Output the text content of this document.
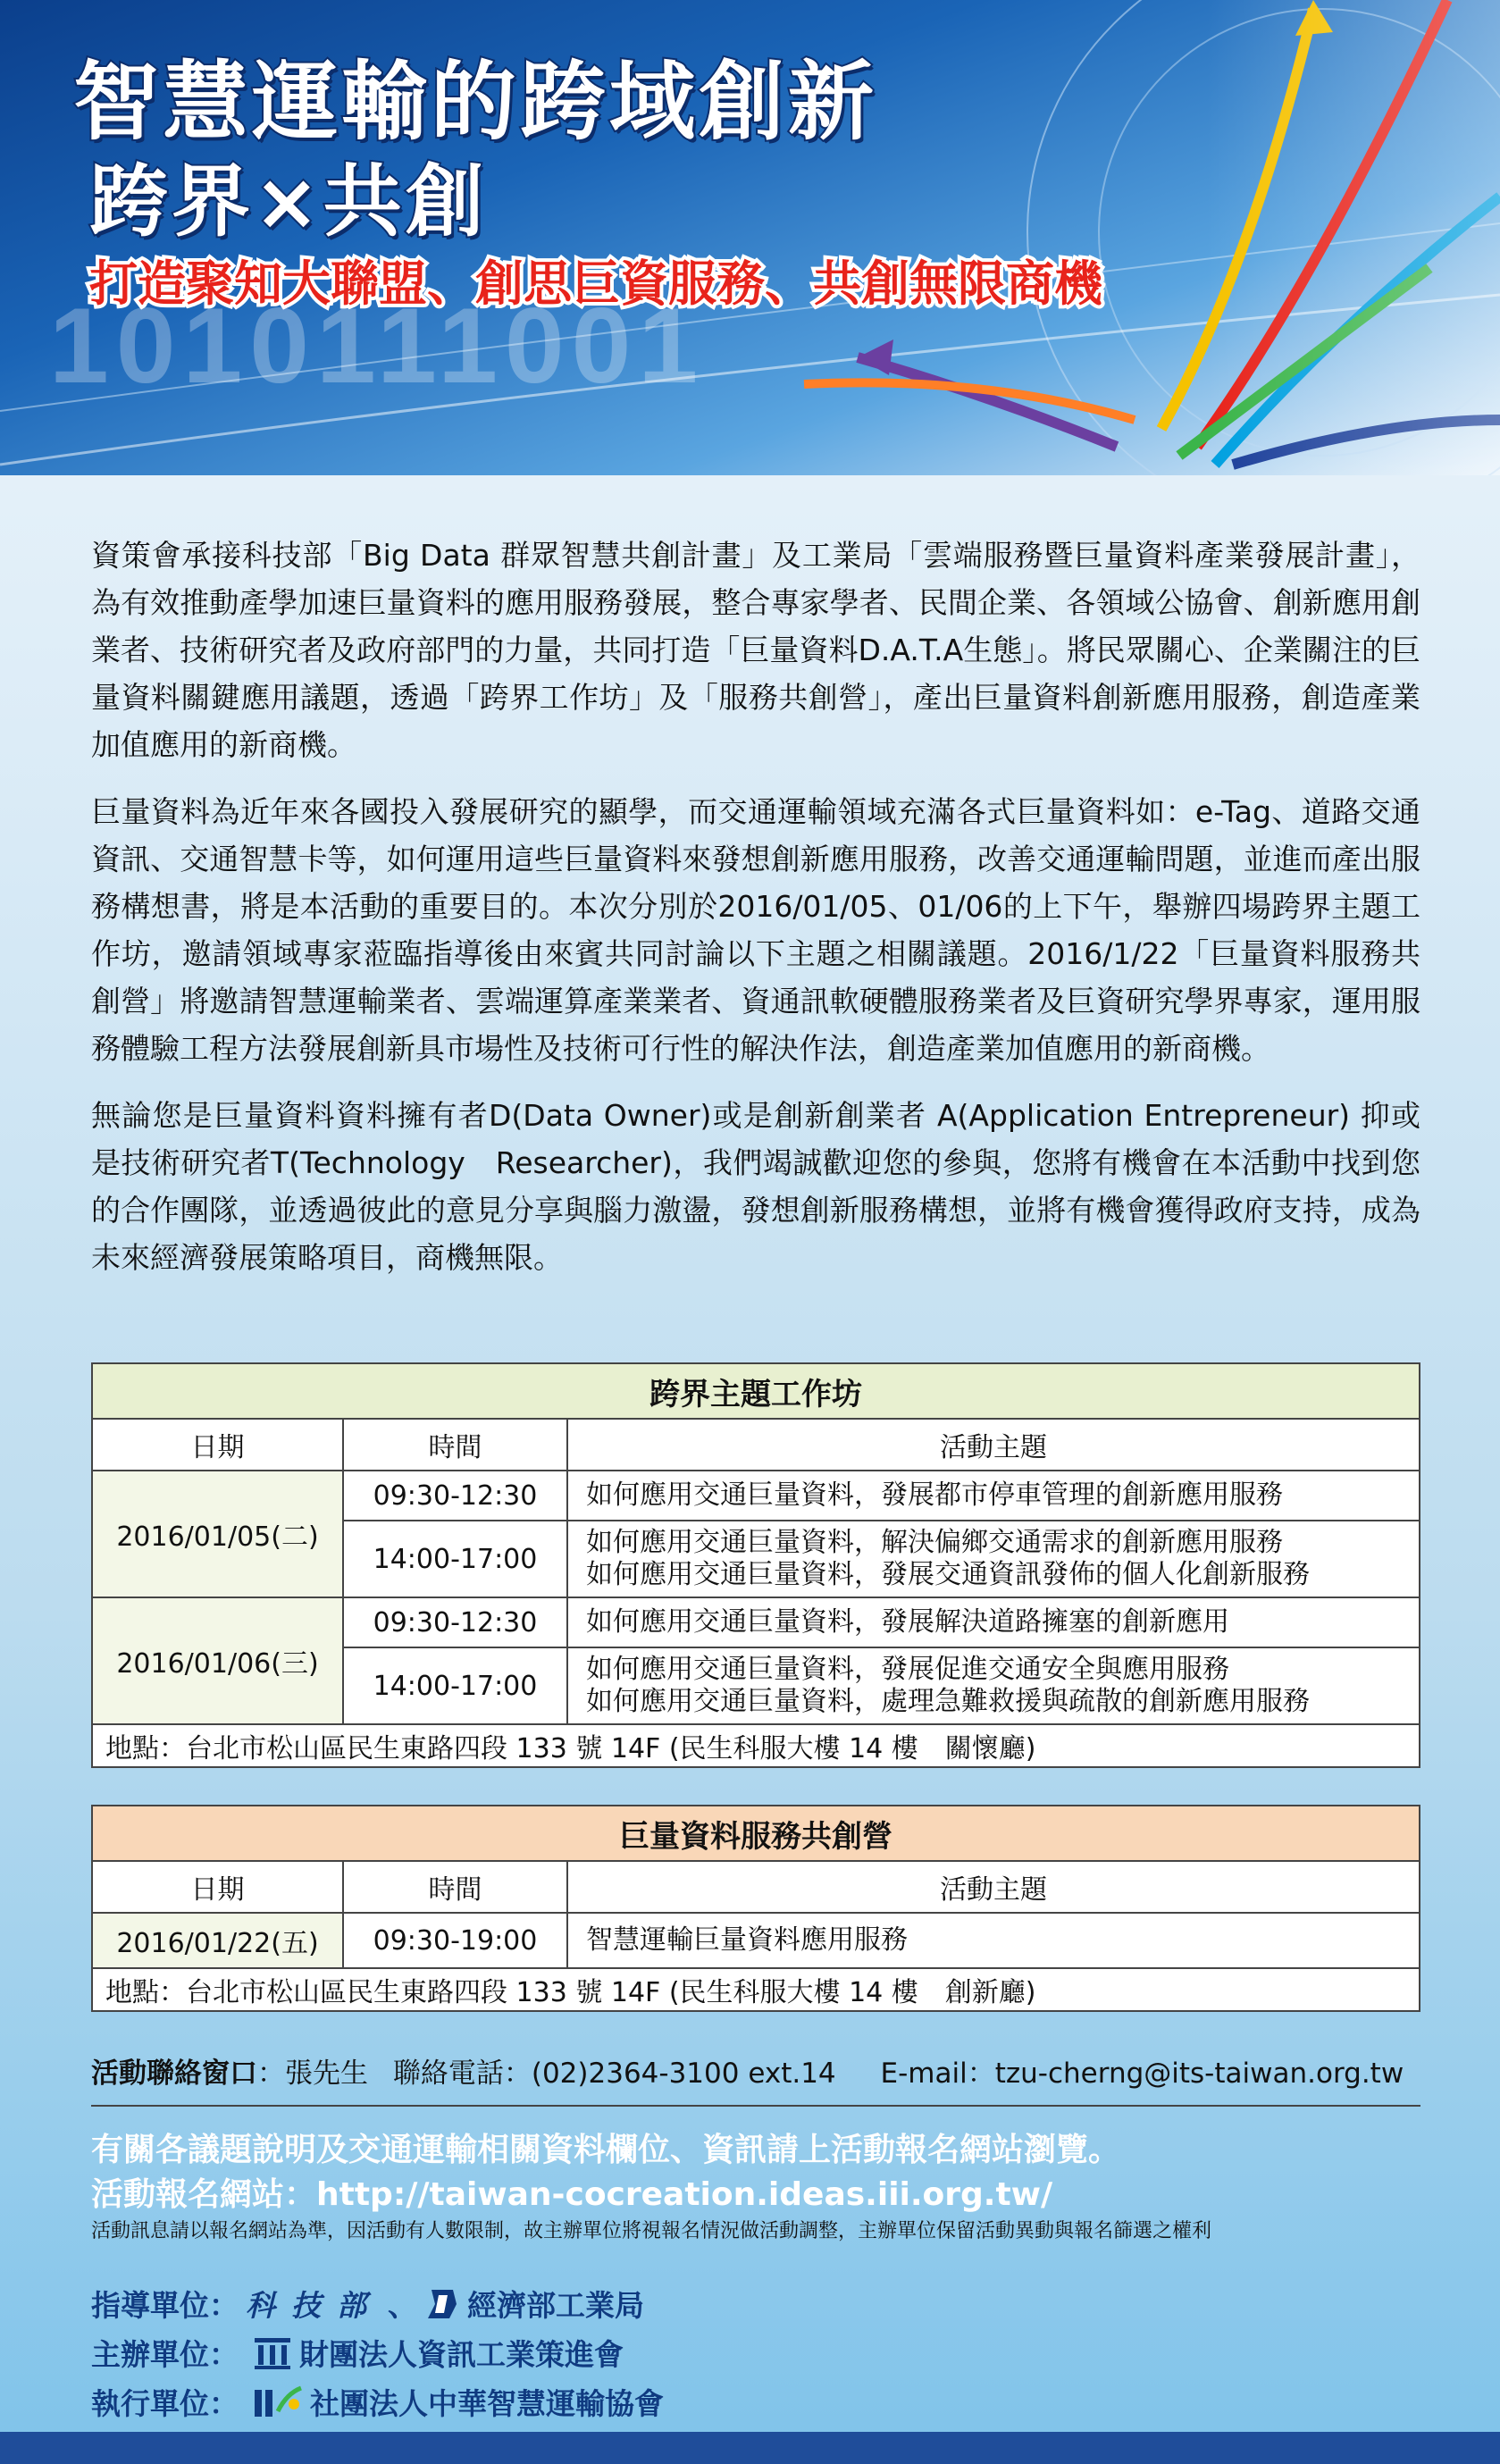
1010111001
智慧運輸的跨域創新
跨界×共創
打造聚知大聯盟、創思巨資服務、共創無限商機

資策會承接科技部「Big Data 群眾智慧共創計畫」及工業局「雲端服務暨巨量資料產業發展計畫」，為有效推動產學加速巨量資料的應用服務發展，整合專家學者、民間企業、各領域公協會、創新應用創業者、技術研究者及政府部門的力量，共同打造「巨量資料D.A.T.A生態」。將民眾關心、企業關注的巨量資料關鍵應用議題，透過「跨界工作坊」及「服務共創營」，產出巨量資料創新應用服務，創造產業加值應用的新商機。

巨量資料為近年來各國投入發展研究的顯學，而交通運輸領域充滿各式巨量資料如：e-Tag、道路交通資訊、交通智慧卡等，如何運用這些巨量資料來發想創新應用服務，改善交通運輸問題，並進而產出服務構想書，將是本活動的重要目的。本次分別於2016/01/05、01/06的上下午，舉辦四場跨界主題工作坊，邀請領域專家蒞臨指導後由來賓共同討論以下主題之相關議題。2016/1/22「巨量資料服務共創營」將邀請智慧運輸業者、雲端運算產業業者、資通訊軟硬體服務業者及巨資研究學界專家，運用服務體驗工程方法發展創新具市場性及技術可行性的解決作法，創造產業加值應用的新商機。

無論您是巨量資料資料擁有者D(Data Owner)或是創新創業者 A(Application Entrepreneur) 抑或是技術研究者T(Technology　Researcher)，我們竭誠歡迎您的參與，您將有機會在本活動中找到您的合作團隊，並透過彼此的意見分享與腦力激盪，發想創新服務構想，並將有機會獲得政府支持，成為未來經濟發展策略項目，商機無限。

跨界主題工作坊		
日期	時間	活動主題
2016/01/05(二)	09:30-12:30	如何應用交通巨量資料，發展都市停車管理的創新應用服務
	14:00-17:00	如何應用交通巨量資料，解決偏鄉交通需求的創新應用服務
如何應用交通巨量資料，發展交通資訊發佈的個人化創新服務

2016/01/06(三)	09:30-12:30	如何應用交通巨量資料，發展解決道路擁塞的創新應用
	14:00-17:00	如何應用交通巨量資料，發展促進交通安全與應用服務
如何應用交通巨量資料，處理急難救援與疏散的創新應用服務

地點：台北市松山區民生東路四段 133 號 14F (民生科服大樓 14 樓　關懷廳)		
巨量資料服務共創營		
日期	時間	活動主題
2016/01/22(五)	09:30-19:00	智慧運輸巨量資料應用服務
地點：台北市松山區民生東路四段 133 號 14F (民生科服大樓 14 樓　創新廳)		
活動聯絡窗口：張先生 聯絡電話：(02)2364-3100 ext.14 E-mail：tzu-cherng@its-taiwan.org.tw
有關各議題說明及交通運輸相關資料欄位、資訊請上活動報名網站瀏覽。
活動報名網站：http://taiwan-cocreation.ideas.iii.org.tw/
活動訊息請以報名網站為準，因活動有人數限制，故主辦單位將視報名情況做活動調整，主辦單位保留活動異動與報名篩選之權利
指導單位： 科技部 、 經濟部工業局
主辦單位： 財團法人資訊工業策進會
執行單位： 社團法人中華智慧運輸協會
